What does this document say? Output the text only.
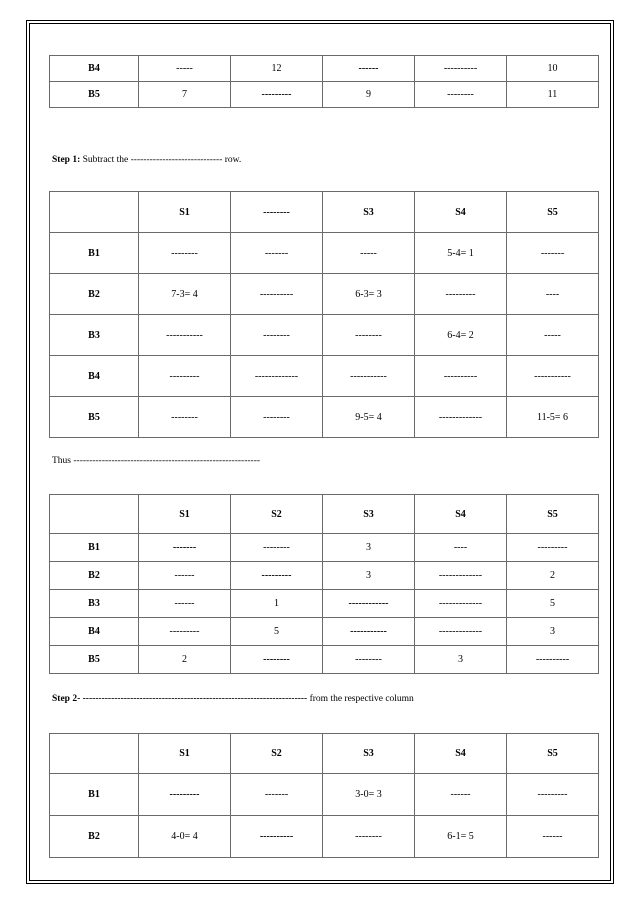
B4	-----	12	------	----------	10
B5	7	---------	9	--------	11
Step 1: Subtract the ----------------------------- row.
	S1	--------	S3	S4	S5
B1	--------	-------	-----	5-4= 1	-------
B2	7-3= 4	----------	6-3= 3	---------	----
B3	-----------	--------	--------	6-4= 2	-----
B4	---------	-------------	-----------	----------	-----------
B5	--------	--------	9-5= 4	-------------	11-5= 6
Thus -----------------------------------------------------------
	S1	S2	S3	S4	S5
B1	-------	--------	3	----	---------
B2	------	---------	3	-------------	2
B3	------	1	------------	-------------	5
B4	---------	5	-----------	-------------	3
B5	2	--------	--------	3	----------
Step 2- ----------------------------------------------------------------------- from the respective column
	S1	S2	S3	S4	S5
B1	---------	-------	3-0= 3	------	---------
B2	4-0= 4	----------	--------	6-1= 5	------
